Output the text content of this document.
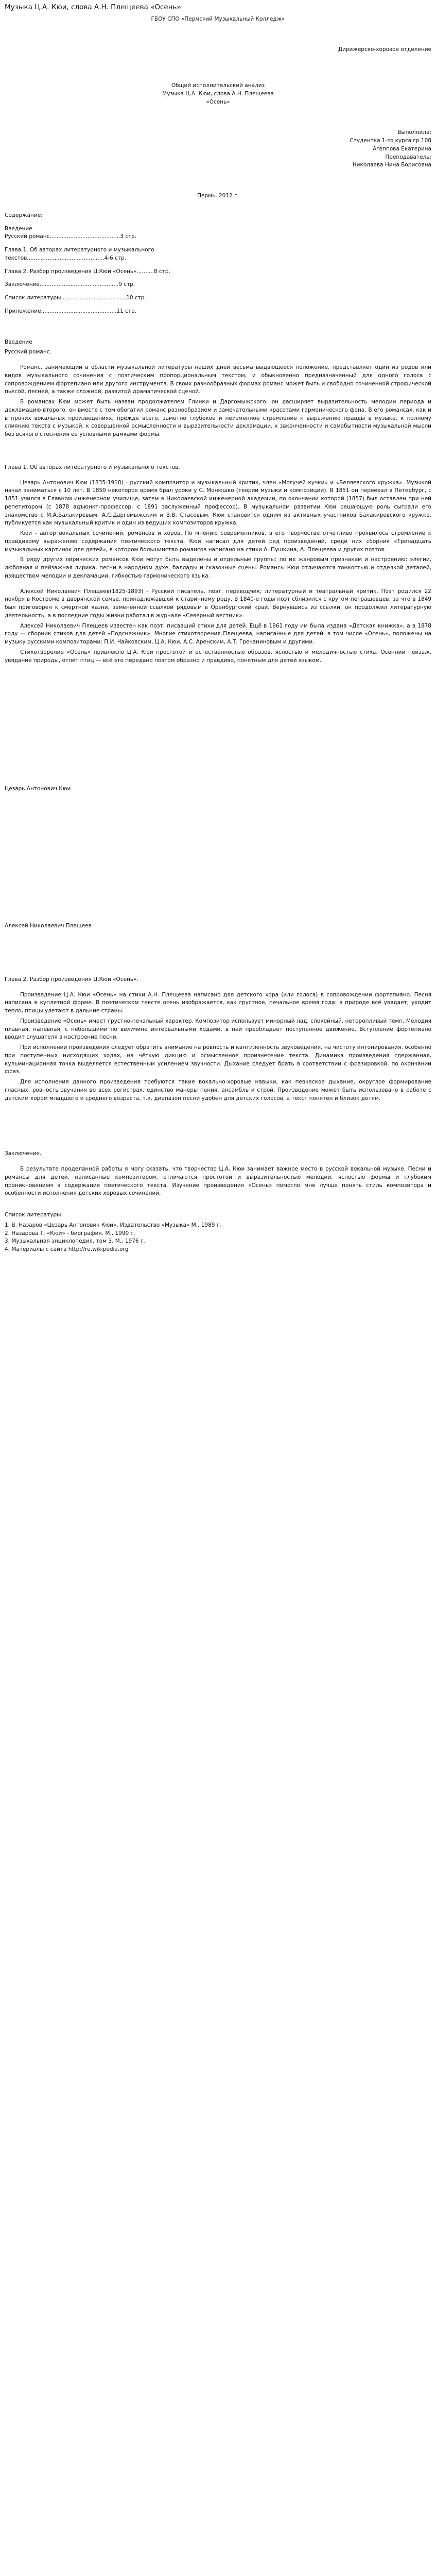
Музыка Ц.А. Кюи, слова А.Н. Плещеева «Осень»

ГБОУ СПО «Пермский Музыкальный Колледж»

Дирижерско-хоровое отделение

Общий исполнительский анализ

Музыка Ц.А. Кюи, слова А.Н. Плещеева

«Осень»

Выполнила:

Студентка 1-го курса гр.108

Агеппова Екатерина

Преподаватель:

Николаева Нина Борисовна

Пермь, 2012 г.

Содержание:

Введение

Русский романс.........................................3 стр.

Глава 1. Об авторах литературного и музыкального

текстов.............................................4-6 стр.

Глава 2. Разбор произведения Ц.Кюи «Осень»..........8 стр.

Заключение..............................................9 стр.

Список литературы......................................10 стр.

Приложение............................................11 стр.

Введение

Русский романс.

Романс, занимающий в области музыкальной литературы наших дней весьма выдающееся положение, представляет один из родов или видов музыкального сочинения с поэтическим пропорциональным текстом, и обыкновенно предназначенный для одного голоса с сопровождением фортепиано или другого инструмента. В своих разнообразных формах романс может быть и свободно сочиненной строфической пьесой, песней, а также сложной, развитой драматической сценой.

В романсах Кюи может быть назван продолжателем Глинки и Даргомыжского: он расширяет выразительность мелодии периода и декламацию второго, он вместе с тем обогатил романс разнообразием и замечательными красотами гармонического фона. В его романсах, как и в прочих вокальных произведениях, прежде всего, заметно глубокое и неизменное стремление к выражению правды в музыке, к полному слиянию текста с музыкой, к совершенной осмысленности и выразительности декламации, к законченности и самобытности музыкальной мысли без всякого стеснения её условными рамками формы.

Глава 1. Об авторах литературного и музыкального текстов.

Цезарь Антонович Кюи (1835-1918) - русский композитор и музыкальный критик, член «Могучей кучки» и «Беляевского кружка». Музыкой начал заниматься с 10 лет. В 1850 некоторое время брал уроки у С. Монюшко (теории музыки и композиции). В 1851 он переехал в Петербург, с 1851 учился в Главном инженерном училище, затем в Николаевской инженерной академии, по окончании которой (1857) был оставлен при ней репетитором (с 1878 адъюнкт-профессор, с 1891 заслуженный профессор). В музыкальном развитии Кюи решающую роль сыграли его знакомство с М.А.Балакиревым, А.С.Даргомыжским и В.В. Стасовым. Кюи становится одним из активных участников Балакиревского кружка, публикуется как музыкальный критик и один из ведущих композиторов кружка.

Кюи - автор вокальных сочинений, романсов и хоров. По мнению современников, в его творчестве отчётливо проявилось стремление к правдивому выражению содержания поэтического текста. Кюи написал для детей ряд произведений, среди них сборник «Тринадцать музыкальных картинок для детей», в котором большинство романсов написано на стихи А. Пушкина, А. Плещеева и других поэтов.

В ряду других лирических романсов Кюи могут быть выделены и отдельные группы: по их жанровым признакам и настроению: элегии, любовная и пейзажная лирика, песни в народном духе, баллады и сказочные сцены. Романсы Кюи отличаются тонкостью и отделкой деталей, изяществом мелодии и декламации, гибкостью гармонического языка.

Алексей Николаевич Плещеев(1825-1893) - Русский писатель, поэт, переводчик; литературный и театральный критик. Поэт родился 22 ноября в Костроме в дворянской семье, принадлежавшей к старинному роду. В 1840-е годы поэт сблизился с кругом петрашевцев, за что в 1849 был приговорён к смертной казни, заменённой ссылкой рядовым в Оренбургский край. Вернувшись из ссылки, он продолжил литературную деятельность, а в последние годы жизни работал в журнале «Северный вестник».

Алексей Николаевич Плещеев известен как поэт, писавший стихи для детей. Ещё в 1861 году им была издана «Детская книжка», а в 1878 году — сборник стихов для детей «Подснежник». Многие стихотворения Плещеева, написанные для детей, в том числе «Осень», положены на музыку русскими композиторами: П.И. Чайковским, Ц.А. Кюи, А.С. Аренским, А.Т. Гречаниновым и другими.

Стихотворение «Осень» привлекло Ц.А. Кюи простотой и естественностью образов, ясностью и мелодичностью стиха. Осенний пейзаж, увядание природы, отлёт птиц — всё это передано поэтом образно и правдиво, понятным для детей языком.

Цезарь Антонович Кюи

Алексей Николаевич Плещеев

Глава 2. Разбор произведения Ц.Кюи «Осень».

Произведение Ц.А. Кюи «Осень» на стихи А.Н. Плещеева написано для детского хора (или голоса) в сопровождении фортепиано. Песня написана в куплетной форме. В поэтическом тексте осень изображается, как грустное, печальное время года: в природе всё увядает, уходит тепло, птицы улетают в дальние страны.

Произведение «Осень» имеет грустно-печальный характер. Композитор использует минорный лад, спокойный, неторопливый темп. Мелодия плавная, напевная, с небольшими по величине интервальными ходами, в ней преобладает поступенное движение. Вступление фортепиано вводит слушателя в настроение песни.

При исполнении произведения следует обратить внимание на ровность и кантиленность звуковедения, на чистоту интонирования, особенно при поступенных нисходящих ходах, на чёткую дикцию и осмысленное произнесение текста. Динамика произведения сдержанная, кульминационная точка выделяется естественным усилением звучности. Дыхание следует брать в соответствии с фразировкой, по окончании фраз.

Для исполнения данного произведения требуются такие вокально-хоровые навыки, как певческое дыхание, округлое формирование гласных, ровность звучания во всех регистрах, единство манеры пения, ансамбль и строй. Произведение может быть использовано в работе с детским хором младшего и среднего возраста, т.к. диапазон песни удобен для детских голосов, а текст понятен и близок детям.

Заключение.

В результате проделанной работы я могу сказать, что творчество Ц.А. Кюи занимает важное место в русской вокальной музыке. Песни и романсы для детей, написанные композитором, отличаются простотой и выразительностью мелодии, ясностью формы и глубоким проникновением в содержание поэтического текста. Изучение произведения «Осень» помогло мне лучше понять стиль композитора и особенности исполнения детских хоровых сочинений.

Список литературы:

1. В. Назаров «Цезарь Антонович Кюи». Издательство «Музыка» М., 1989 г.

2. Назарова Т. «Кюи» - биография. М., 1990 г.

3. Музыкальная энциклопедия, том 3. М., 1976 г.

4. Материалы с сайта http://ru.wikipedia.org
